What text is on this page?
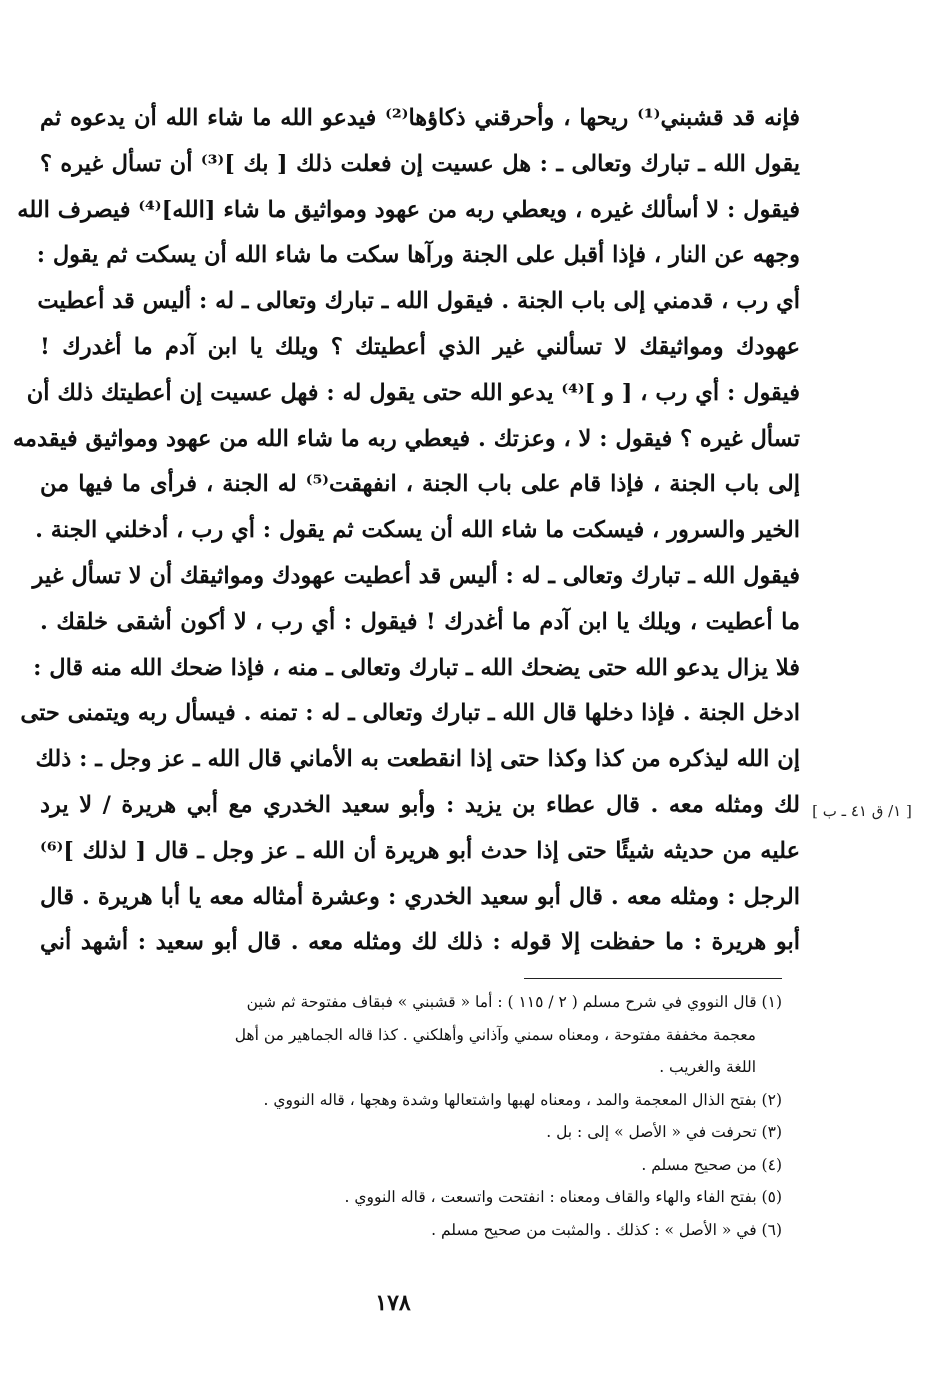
فإنه قد قشبني⁽¹⁾ ريحها ، وأحرقني ذكاؤها⁽²⁾ فيدعو الله ما شاء الله أن يدعوه ثم
يقول الله ـ تبارك وتعالى ـ : هل عسيت إن فعلت ذلك [ بك ]⁽³⁾ أن تسأل غيره ؟
فيقول : لا أسألك غيره ، ويعطي ربه من عهود ومواثيق ما شاء [الله]⁽⁴⁾ فيصرف الله
وجهه عن النار ، فإذا أقبل على الجنة ورآها سكت ما شاء الله أن يسكت ثم يقول :
أي رب ، قدمني إلى باب الجنة . فيقول الله ـ تبارك وتعالى ـ له : أليس قد أعطيت
عهودك ومواثيقك لا تسألني غير الذي أعطيتك ؟ ويلك يا ابن آدم ما أغدرك !
فيقول : أي رب ، [ و ]⁽⁴⁾ يدعو الله حتى يقول له : فهل عسيت إن أعطيتك ذلك أن
تسأل غيره ؟ فيقول : لا ، وعزتك . فيعطي ربه ما شاء الله من عهود ومواثيق فيقدمه
إلى باب الجنة ، فإذا قام على باب الجنة ، انفهقت⁽⁵⁾ له الجنة ، فرأى ما فيها من
الخير والسرور ، فيسكت ما شاء الله أن يسكت ثم يقول : أي رب ، أدخلني الجنة .
فيقول الله ـ تبارك وتعالى ـ له : أليس قد أعطيت عهودك ومواثيقك أن لا تسأل غير
ما أعطيت ، ويلك يا ابن آدم ما أغدرك ! فيقول : أي رب ، لا أكون أشقى خلقك .
فلا يزال يدعو الله حتى يضحك الله ـ تبارك وتعالى ـ منه ، فإذا ضحك الله منه قال :
ادخل الجنة . فإذا دخلها قال الله ـ تبارك وتعالى ـ له : تمنه . فيسأل ربه ويتمنى حتى
إن الله ليذكره من كذا وكذا حتى إذا انقطعت به الأماني قال الله ـ عز وجل ـ : ذلك
لك ومثله معه . قال عطاء بن يزيد : وأبو سعيد الخدري مع أبي هريرة / لا يرد
عليه من حديثه شيئًا حتى إذا حدث أبو هريرة أن الله ـ عز وجل ـ قال [ لذلك ]⁽⁶⁾
الرجل : ومثله معه . قال أبو سعيد الخدري : وعشرة أمثاله معه يا أبا هريرة . قال
أبو هريرة : ما حفظت إلا قوله : ذلك لك ومثله معه . قال أبو سعيد : أشهد أني
[ ١/ ق ٤١ ـ ب ]
(١) قال النووي في شرح مسلم ( ٢ / ١١٥ ) : أما « قشبني » فبقاف مفتوحة ثم شين
معجمة مخففة مفتوحة ، ومعناه سمني وآذاني وأهلكني . كذا قاله الجماهير من أهل
اللغة والغريب .
(٢) بفتح الذال المعجمة والمد ، ومعناه لهبها واشتعالها وشدة وهجها ، قاله النووي .
(٣) تحرفت في « الأصل » إلى : بل .
(٤) من صحيح مسلم .
(٥) بفتح الفاء والهاء والقاف ومعناه : انفتحت واتسعت ، قاله النووي .
(٦) في « الأصل » : كذلك . والمثبت من صحيح مسلم .
١٧٨
